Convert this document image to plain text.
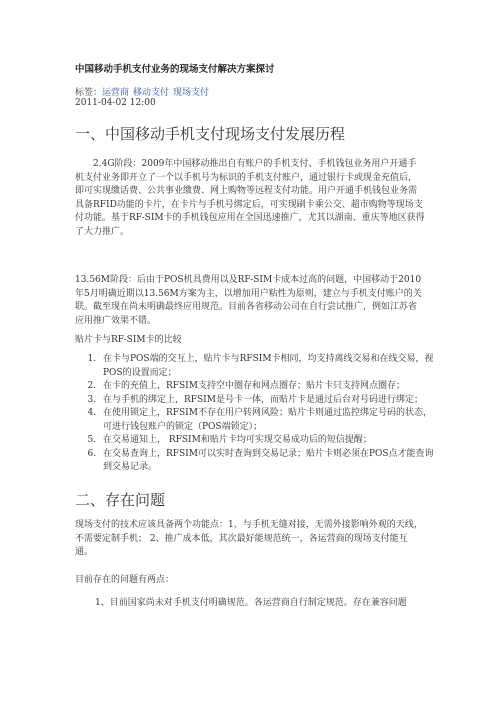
中国移动手机支付业务的现场支付解决方案探讨
标签：运营商 移动支付 现场支付
2011-04-02 12:00
一、中国移动手机支付现场支付发展历程

2.4G阶段：2009年中国移动推出自有账户的手机支付、手机钱包业务用户开通手机支付业务即开立了一个以手机号为标识的手机支付账户，通过银行卡或现金充值后，即可实现缴话费、公共事业缴费、网上购物等远程支付功能。用户开通手机钱包业务需具备RFID功能的卡片，在卡片与手机号绑定后，可实现刷卡乘公交、超市购物等现场支付功能。基于RF-SIM卡的手机钱包应用在全国迅速推广，尤其以湖南、重庆等地区获得了大力推广。

13.56M阶段：后由于POS机具费用以及RF-SIM卡成本过高的问题，中国移动于2010年5月明确近期以13.56M方案为主，以增加用户粘性为原则，建立与手机支付账户的关联。截至现在尚未明确最终应用规范。目前各省移动公司在自行尝试推广，例如江苏省应用推广效果不错。

贴片卡与RF-SIM卡的比较

1. 在卡与POS端的交互上，贴片卡与RFSIM卡相同，均支持离线交易和在线交易，视POS的设置而定；
2. 在卡的充值上，RFSIM支持空中圈存和网点圈存；贴片卡只支持网点圈存；
3. 在与手机的绑定上，RFSIM是号卡一体，而贴片卡是通过后台对号码进行绑定；
4. 在使用锁定上，RFSIM不存在用户转网风险；贴片卡则通过监控绑定号码的状态，可进行钱包账户的锁定（POS端锁定）；
5. 在交易通知上， RFSIM和贴片卡均可实现交易成功后的短信提醒；
6. 在交易查询上，RFSIM可以实时查询到交易记录；贴片卡则必须在POS点才能查询到交易记录。
二、存在问题

现场支付的技术应该具备两个功能点：1、与手机无缝对接，无需外接影响外观的天线，不需要定制手机； 2、推广成本低，其次最好能规范统一，各运营商的现场支付能互通。

目前存在的问题有两点：

1、目前国家尚未对手机支付明确规范。各运营商自行制定规范。存在兼容问题
